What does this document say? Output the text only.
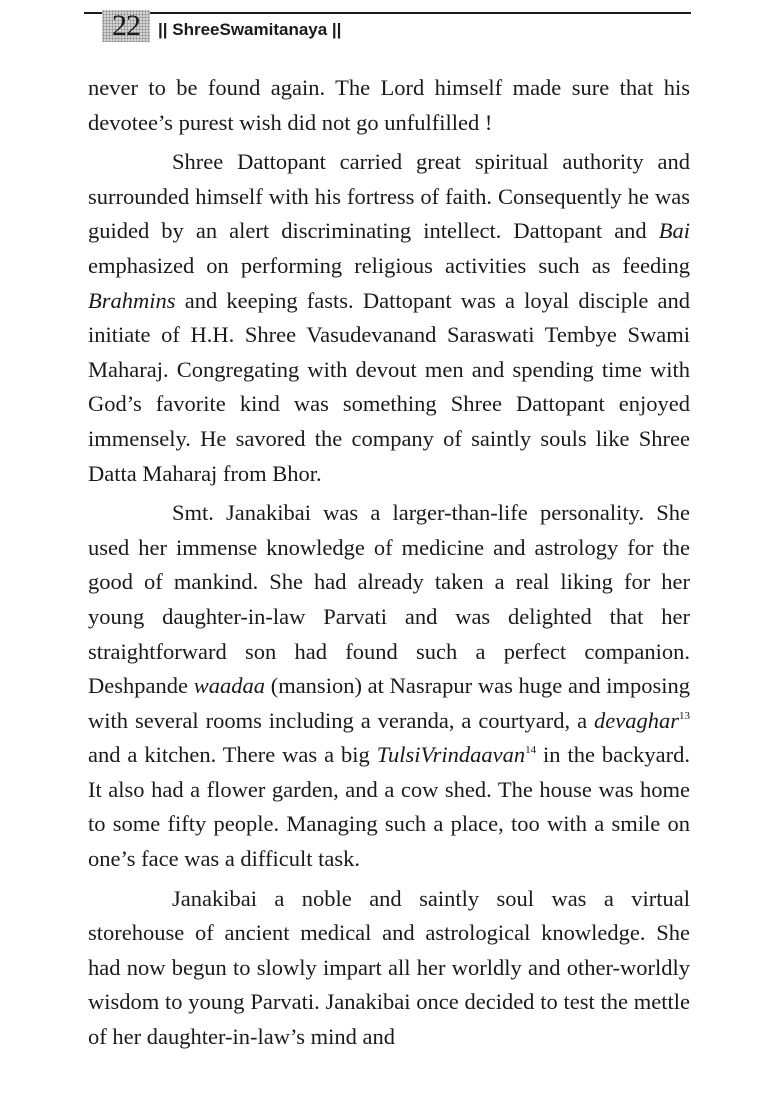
22	|| ShreeSwamitanaya ||

never to be found again. The Lord himself made sure that his devotee’s purest wish did not go unfulfilled !

Shree Dattopant carried great spiritual authority and surrounded himself with his fortress of faith. Consequently he was guided by an alert discriminating intellect. Dattopant and Bai emphasized on performing religious activities such as feeding Brahmins and keeping fasts. Dattopant was a loyal disciple and initiate of H.H. Shree Vasudevanand Saraswati Tembye Swami Maharaj. Congregating with devout men and spending time with God’s favorite kind was something Shree Dattopant enjoyed immensely. He savored the company of saintly souls like Shree Datta Maharaj from Bhor.

Smt. Janakibai was a larger-than-life personality. She used her immense knowledge of medicine and astrology for the good of mankind. She had already taken a real liking for her young daughter-in-law Parvati and was delighted that her straightforward son had found such a perfect companion. Deshpande waadaa (mansion) at Nasrapur was huge and imposing with several rooms including a veranda, a courtyard, a devaghar$^{13}$ and a kitchen. There was a big TulsiVrindaavan$^{14}$ in the backyard. It also had a flower garden, and a cow shed. The house was home to some fifty people. Managing such a place, too with a smile on one’s face was a difficult task.

Janakibai a noble and saintly soul was a virtual storehouse of ancient medical and astrological knowledge. She had now begun to slowly impart all her worldly and other-worldly wisdom to young Parvati. Janakibai once decided to test the mettle of her daughter-in-law’s mind and
